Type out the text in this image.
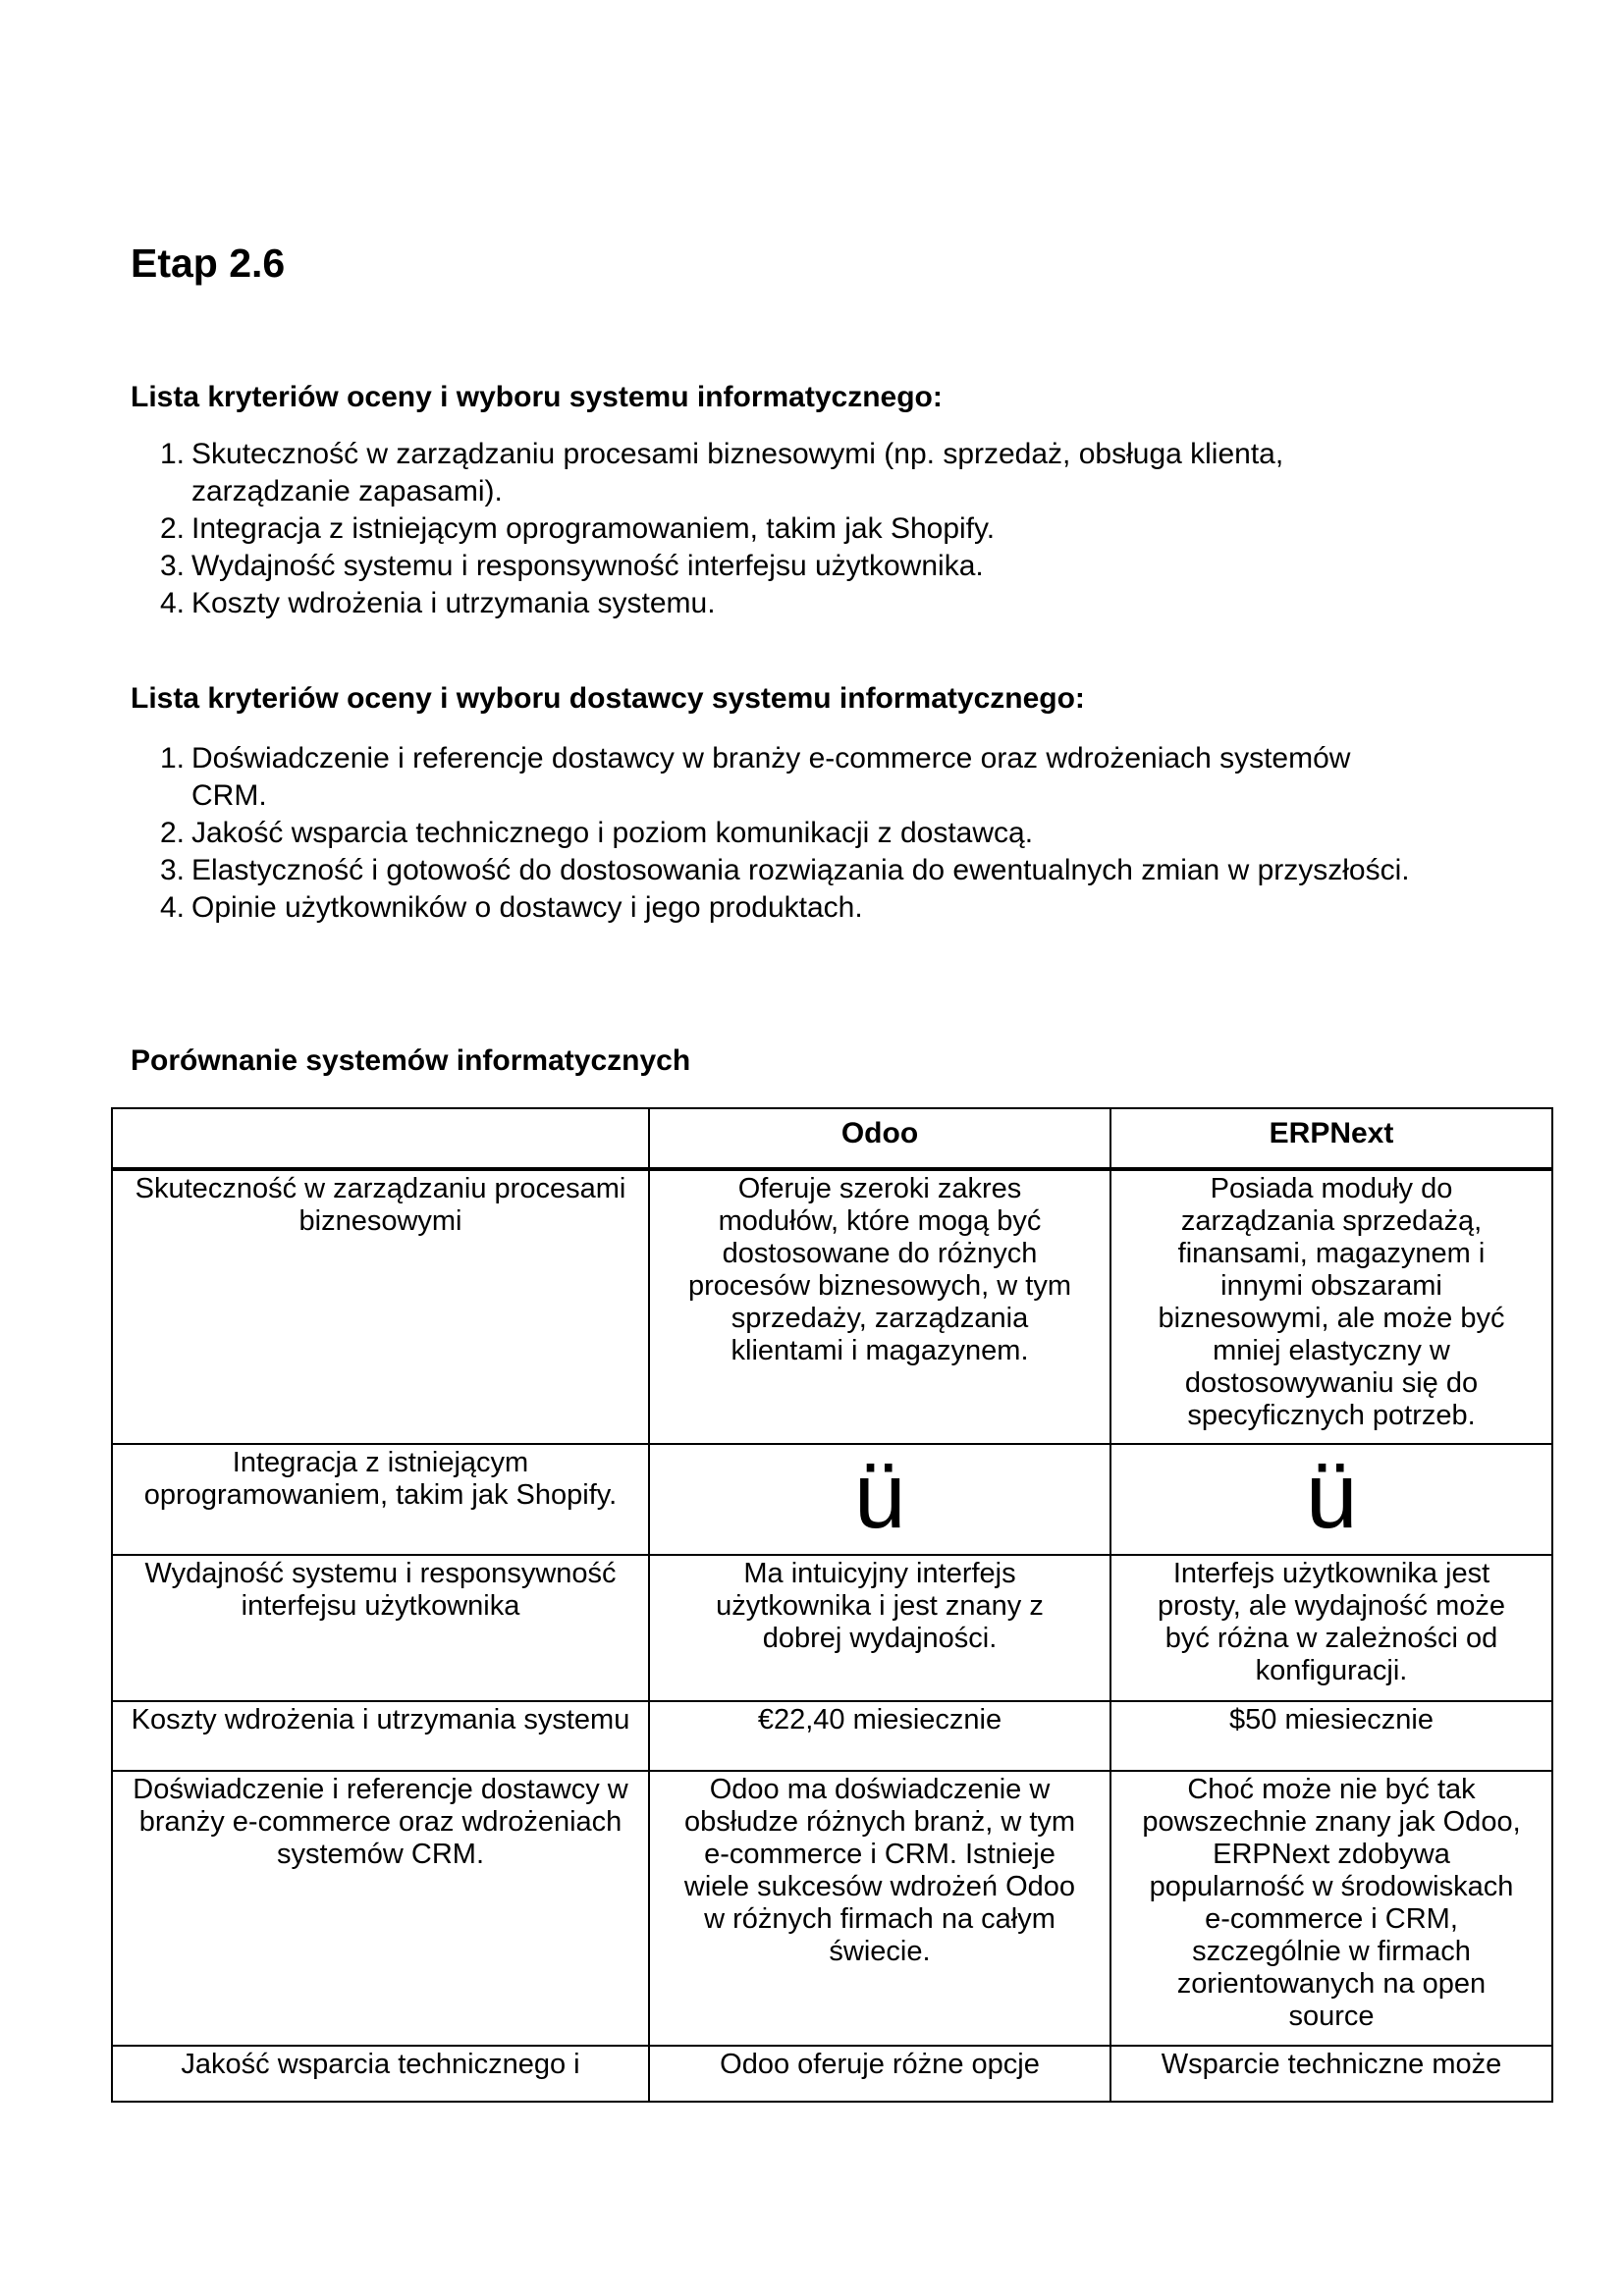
Etap 2.6
Lista kryteriów oceny i wyboru systemu informatycznego:
1. Skuteczność w zarządzaniu procesami biznesowymi (np. sprzedaż, obsługa klienta, zarządzanie zapasami).
2. Integracja z istniejącym oprogramowaniem, takim jak Shopify.
3. Wydajność systemu i responsywność interfejsu użytkownika.
4. Koszty wdrożenia i utrzymania systemu.
Lista kryteriów oceny i wyboru dostawcy systemu informatycznego:
1. Doświadczenie i referencje dostawcy w branży e-commerce oraz wdrożeniach systemów CRM.
2. Jakość wsparcia technicznego i poziom komunikacji z dostawcą.
3. Elastyczność i gotowość do dostosowania rozwiązania do ewentualnych zmian w przyszłości.
4. Opinie użytkowników o dostawcy i jego produktach.
Porównanie systemów informatycznych
	Odoo	ERPNext
Skuteczność w zarządzaniu procesami biznesowymi	Oferuje szeroki zakres modułów, które mogą być dostosowane do różnych procesów biznesowych, w tym sprzedaży, zarządzania klientami i magazynem.	Posiada moduły do zarządzania sprzedażą, finansami, magazynem i innymi obszarami biznesowymi, ale może być mniej elastyczny w dostosowywaniu się do specyficznych potrzeb.
Integracja z istniejącym oprogramowaniem, takim jak Shopify.	ü	ü
Wydajność systemu i responsywność interfejsu użytkownika	Ma intuicyjny interfejs użytkownika i jest znany z dobrej wydajności.	Interfejs użytkownika jest prosty, ale wydajność może być różna w zależności od konfiguracji.
Koszty wdrożenia i utrzymania systemu	€22,40 miesiecznie	$50 miesiecznie
Doświadczenie i referencje dostawcy w branży e-commerce oraz wdrożeniach systemów CRM.	Odoo ma doświadczenie w obsłudze różnych branż, w tym e-commerce i CRM. Istnieje wiele sukcesów wdrożeń Odoo w różnych firmach na całym świecie.	Choć może nie być tak powszechnie znany jak Odoo, ERPNext zdobywa popularność w środowiskach e-commerce i CRM, szczególnie w firmach zorientowanych na open source
Jakość wsparcia technicznego i	Odoo oferuje różne opcje	Wsparcie techniczne może
